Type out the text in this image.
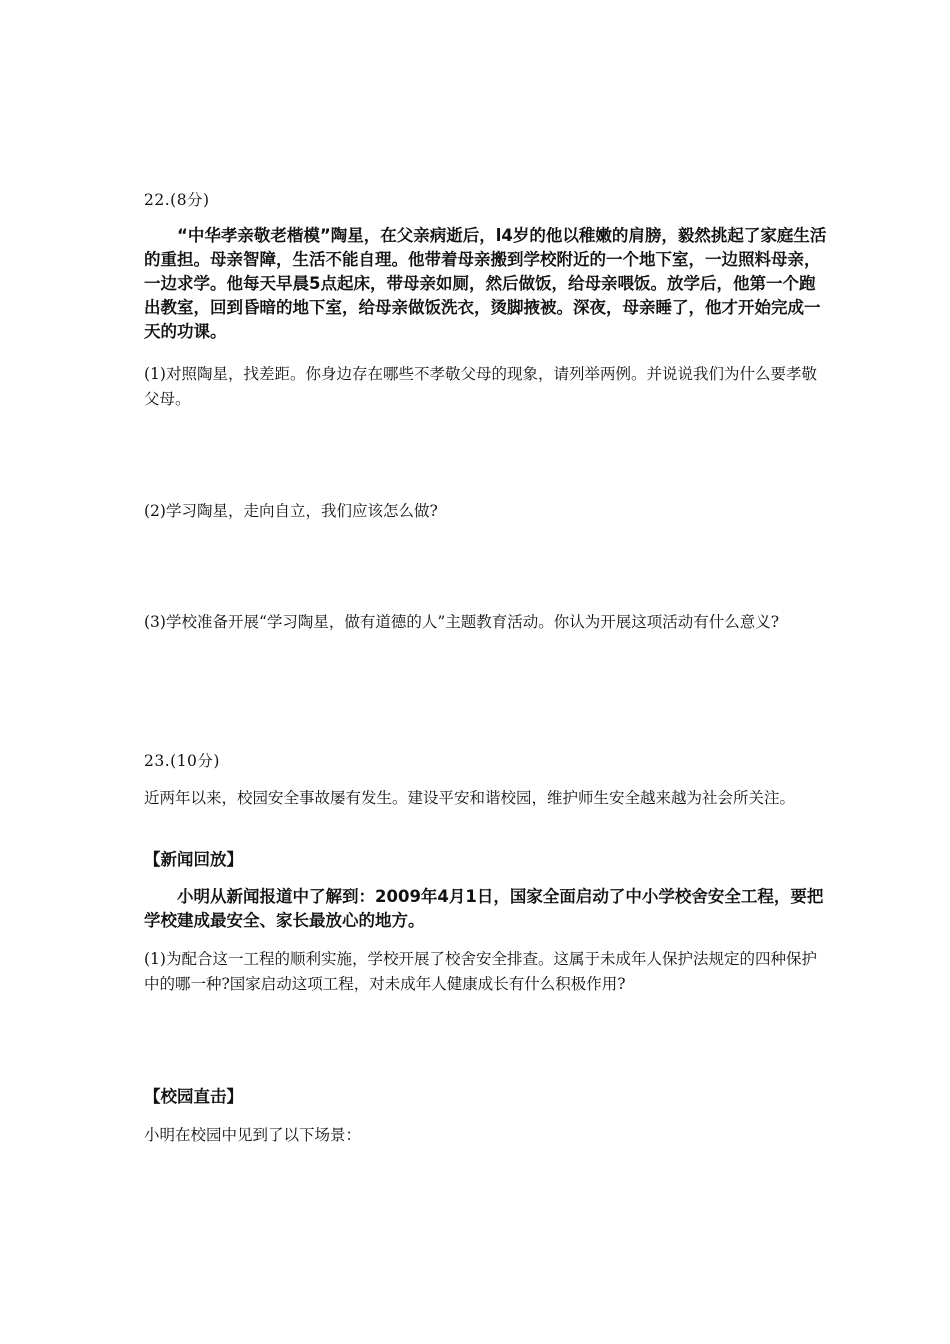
22.(8分)

“中华孝亲敬老楷模”陶星，在父亲病逝后，l4岁的他以稚嫩的肩膀，毅然挑起了家庭生活的重担。母亲智障，生活不能自理。他带着母亲搬到学校附近的一个地下室，一边照料母亲，一边求学。他每天早晨5点起床，带母亲如厕，然后做饭，给母亲喂饭。放学后，他第一个跑出教室，回到昏暗的地下室，给母亲做饭洗衣，烫脚掖被。深夜，母亲睡了，他才开始完成一天的功课。

(1)对照陶星，找差距。你身边存在哪些不孝敬父母的现象，请列举两例。并说说我们为什么要孝敬父母。

(2)学习陶星，走向自立，我们应该怎么做?

(3)学校准备开展“学习陶星，做有道德的人”主题教育活动。你认为开展这项活动有什么意义?

23.(10分)

近两年以来，校园安全事故屡有发生。建设平安和谐校园，维护师生安全越来越为社会所关注。

【新闻回放】

小明从新闻报道中了解到：2009年4月1日，国家全面启动了中小学校舍安全工程，要把学校建成最安全、家长最放心的地方。

(1)为配合这一工程的顺利实施，学校开展了校舍安全排查。这属于未成年人保护法规定的四种保护中的哪一种?国家启动这项工程，对未成年人健康成长有什么积极作用?

【校园直击】

小明在校园中见到了以下场景：
